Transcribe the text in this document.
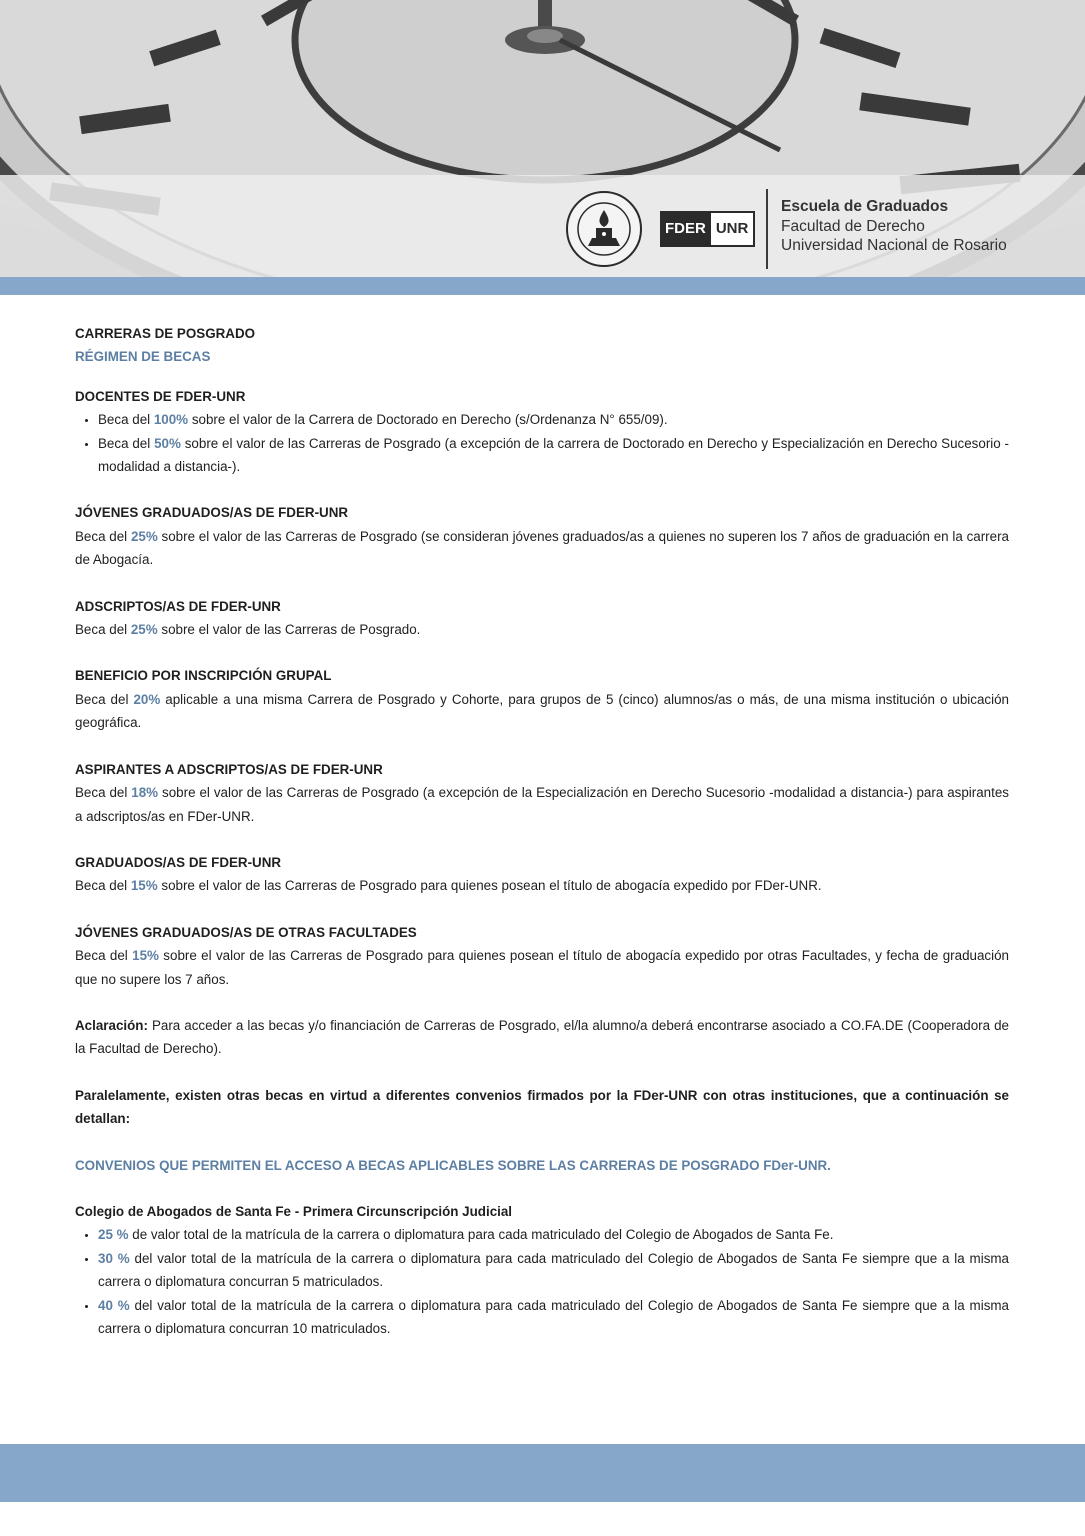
FDER UNR
Escuela de Graduados
Facultad de Derecho
Universidad Nacional de Rosario

CARRERAS DE POSGRADO

RÉGIMEN DE BECAS

DOCENTES DE FDER-UNR

• Beca del 100% sobre el valor de la Carrera de Doctorado en Derecho (s/Ordenanza N° 655/09).
• Beca del 50% sobre el valor de las Carreras de Posgrado (a excepción de la carrera de Doctorado en Derecho y Especialización en Derecho Sucesorio -modalidad a distancia-).

JÓVENES GRADUADOS/AS DE FDER-UNR

Beca del 25% sobre el valor de las Carreras de Posgrado (se consideran jóvenes graduados/as a quienes no superen los 7 años de graduación en la carrera de Abogacía.

ADSCRIPTOS/AS DE FDER-UNR

Beca del 25% sobre el valor de las Carreras de Posgrado.

BENEFICIO POR INSCRIPCIÓN GRUPAL

Beca del 20% aplicable a una misma Carrera de Posgrado y Cohorte, para grupos de 5 (cinco) alumnos/as o más, de una misma institución o ubicación geográfica.

ASPIRANTES A ADSCRIPTOS/AS DE FDER-UNR

Beca del 18% sobre el valor de las Carreras de Posgrado (a excepción de la Especialización en Derecho Sucesorio -modalidad a distancia-) para aspirantes a adscriptos/as en FDer-UNR.

GRADUADOS/AS DE FDER-UNR

Beca del 15% sobre el valor de las Carreras de Posgrado para quienes posean el título de abogacía expedido por FDer-UNR.

JÓVENES GRADUADOS/AS DE OTRAS FACULTADES

Beca del 15% sobre el valor de las Carreras de Posgrado para quienes posean el título de abogacía expedido por otras Facultades, y fecha de graduación que no supere los 7 años.

Aclaración: Para acceder a las becas y/o financiación de Carreras de Posgrado, el/la alumno/a deberá encontrarse asociado a CO.FA.DE (Cooperadora de la Facultad de Derecho).

Paralelamente, existen otras becas en virtud a diferentes convenios firmados por la FDer-UNR con otras instituciones, que a continuación se detallan:

CONVENIOS QUE PERMITEN EL ACCESO A BECAS APLICABLES SOBRE LAS CARRERAS DE POSGRADO FDer-UNR.

Colegio de Abogados de Santa Fe - Primera Circunscripción Judicial

• 25 % de valor total de la matrícula de la carrera o diplomatura para cada matriculado del Colegio de Abogados de Santa Fe.
• 30 % del valor total de la matrícula de la carrera o diplomatura para cada matriculado del Colegio de Abogados de Santa Fe siempre que a la misma carrera o diplomatura concurran 5 matriculados.
• 40 % del valor total de la matrícula de la carrera o diplomatura para cada matriculado del Colegio de Abogados de Santa Fe siempre que a la misma carrera o diplomatura concurran 10 matriculados.
